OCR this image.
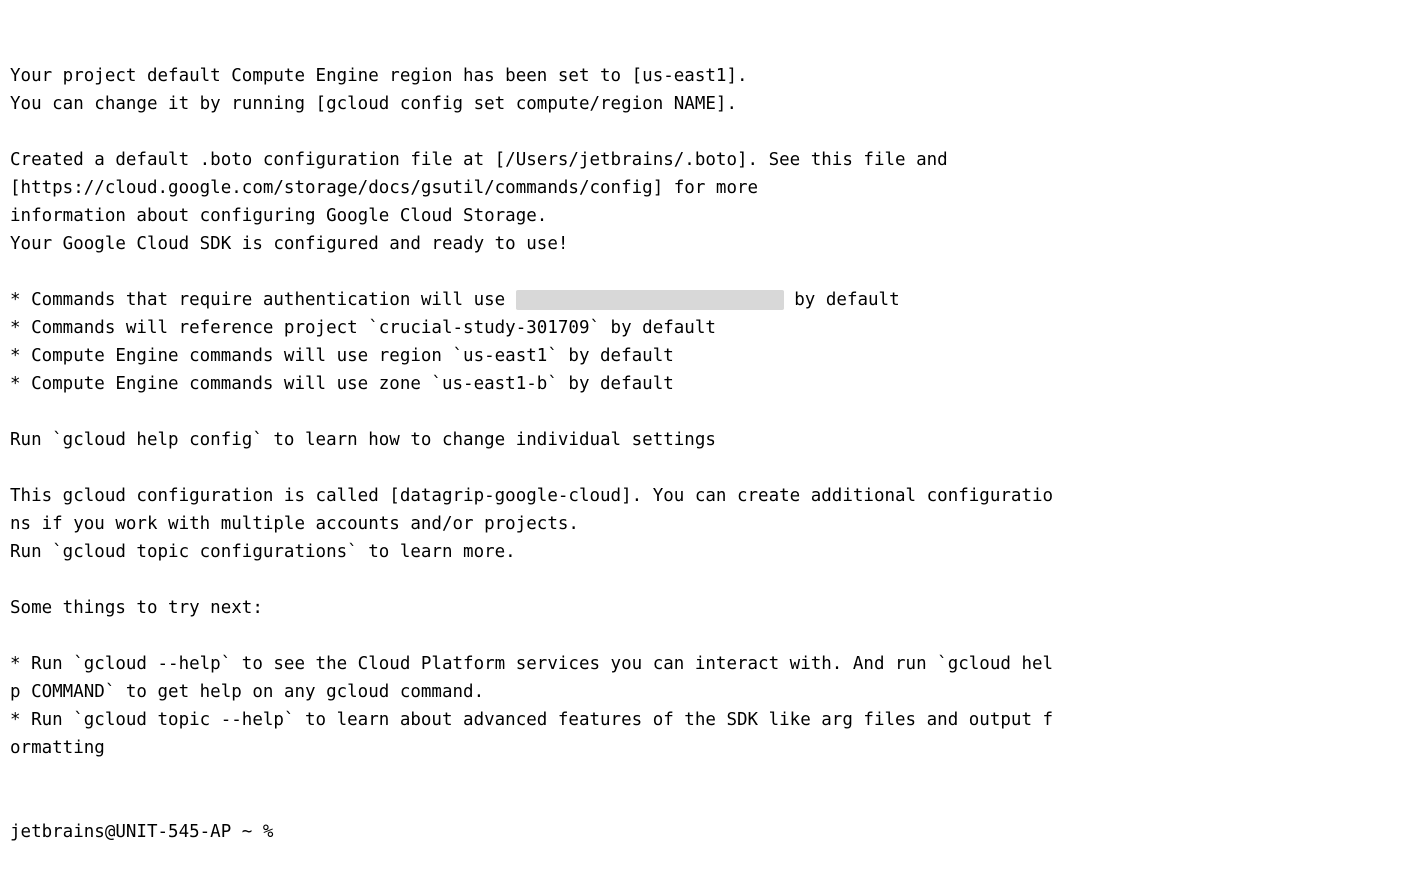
Your project default Compute Engine region has been set to [us-east1].
You can change it by running [gcloud config set compute/region NAME].
Created a default .boto configuration file at [/Users/jetbrains/.boto]. See this file and
[https://cloud.google.com/storage/docs/gsutil/commands/config] for more
information about configuring Google Cloud Storage.
Your Google Cloud SDK is configured and ready to use!
* Commands that require authentication will use	by default
* Commands will reference project `crucial-study-301709` by default
* Compute Engine commands will use region `us-east1` by default
* Compute Engine commands will use zone `us-east1-b` by default
Run `gcloud help config` to learn how to change individual settings
This gcloud configuration is called [datagrip-google-cloud]. You can create additional configuratio
ns if you work with multiple accounts and/or projects.
Run `gcloud topic configurations` to learn more.
Some things to try next:
* Run `gcloud --help` to see the Cloud Platform services you can interact with. And run `gcloud hel
p COMMAND` to get help on any gcloud command.
* Run `gcloud topic --help` to learn about advanced features of the SDK like arg files and output f
ormatting

jetbrains@UNIT-545-AP ~ %
